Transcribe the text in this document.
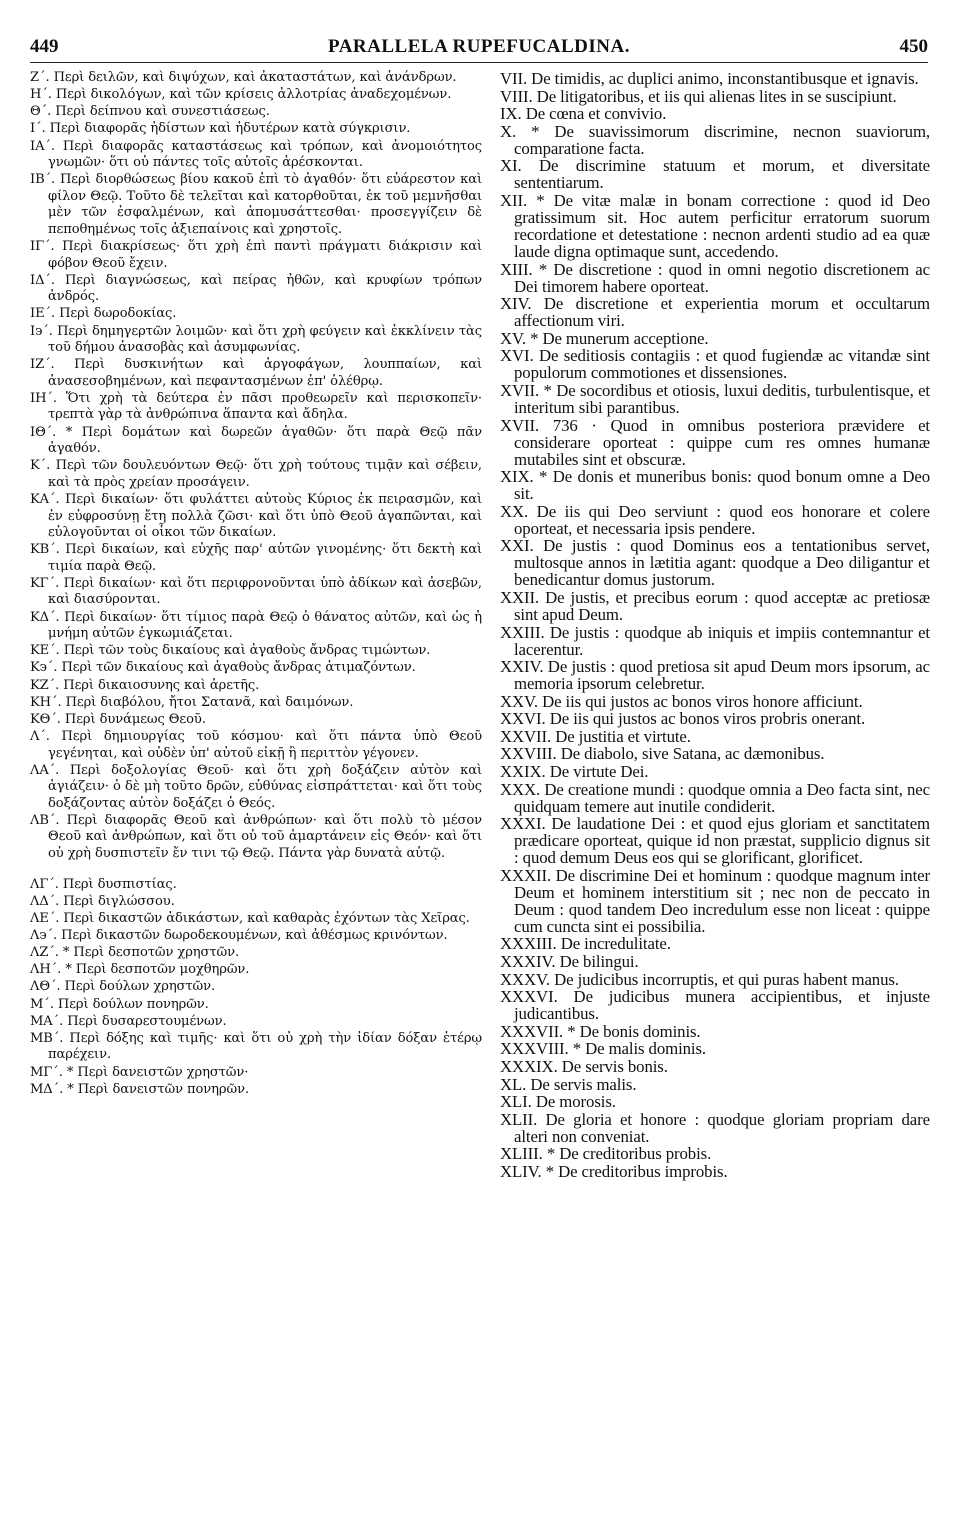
449	PARALLELA RUPEFUCALDINA.	450
Ζ΄. Περὶ δειλῶν, καὶ διψύχων, καὶ ἀκαταστάτων, καὶ ἀνάνδρων.
Η΄. Περὶ δικολόγων, καὶ τῶν κρίσεις ἀλλοτρίας ἀναδεχομένων.
Θ΄. Περὶ δείπνου καὶ συνεστιάσεως.
Ι΄. Περὶ διαφορᾶς ἡδίστων καὶ ἡδυτέρων κατὰ σύγκρισιν.
ΙΑ΄. Περὶ διαφορᾶς καταστάσεως καὶ τρόπων, καὶ ἀνομοιότητος γνωμῶν· ὅτι οὐ πάντες τοῖς αὐτοῖς ἀρέσκονται.
ΙΒ΄. Περὶ διορθώσεως βίου κακοῦ ἐπὶ τὸ ἀγαθόν· ὅτι εὐάρεστον καὶ φίλον Θεῷ. Τοῦτο δὲ τελεῖται καὶ κατορθοῦται, ἐκ τοῦ μεμνῆσθαι μὲν τῶν ἐσφαλμένων, καὶ ἀπομυσάττεσθαι· προσεγγίζειν δὲ πεποθημένως τοῖς ἀξιεπαίνοις καὶ χρηστοῖς.
ΙΓ΄. Περὶ διακρίσεως· ὅτι χρὴ ἐπὶ παντὶ πράγματι διάκρισιν καὶ φόβον Θεοῦ ἔχειν.
ΙΔ΄. Περὶ διαγνώσεως, καὶ πείρας ἠθῶν, καὶ κρυφίων τρόπων ἀνδρός.
ΙΕ΄. Περὶ δωροδοκίας.
Ι϶΄. Περὶ δημηγερτῶν λοιμῶν· καὶ ὅτι χρὴ φεύγειν καὶ ἐκκλίνειν τὰς τοῦ δήμου ἀνασοβὰς καὶ ἀσυμφωνίας.
ΙΖ΄. Περὶ δυσκινήτων καὶ ἀργοφάγων, λουππαίων, καὶ ἀνασεσοβημένων, καὶ πεφαντασμένων ἐπ' ὀλέθρῳ.
ΙΗ΄. Ὅτι χρὴ τὰ δεύτερα ἐν πᾶσι προθεωρεῖν καὶ περισκοπεῖν· τρεπτὰ γὰρ τὰ ἀνθρώπινα ἅπαντα καὶ ἄδηλα.
ΙΘ΄. * Περὶ δομάτων καὶ δωρεῶν ἀγαθῶν· ὅτι παρὰ Θεῷ πᾶν ἀγαθόν.
Κ΄. Περὶ τῶν δουλευόντων Θεῷ· ὅτι χρὴ τούτους τιμᾷν καὶ σέβειν, καὶ τὰ πρὸς χρείαν προσάγειν.
ΚΑ΄. Περὶ δικαίων· ὅτι φυλάττει αὐτοὺς Κύριος ἐκ πειρασμῶν, καὶ ἐν εὐφροσύνῃ ἔτη πολλὰ ζῶσι· καὶ ὅτι ὑπὸ Θεοῦ ἀγαπῶνται, καὶ εὐλογοῦνται οἱ οἶκοι τῶν δικαίων.
ΚΒ΄. Περὶ δικαίων, καὶ εὐχῆς παρ' αὐτῶν γινομένης· ὅτι δεκτὴ καὶ τιμία παρὰ Θεῷ.
ΚΓ΄. Περὶ δικαίων· καὶ ὅτι περιφρονοῦνται ὑπὸ ἀδίκων καὶ ἀσεβῶν, καὶ διασύρονται.
ΚΔ΄. Περὶ δικαίων· ὅτι τίμιος παρὰ Θεῷ ὁ θάνατος αὐτῶν, καὶ ὡς ἡ μνήμη αὐτῶν ἐγκωμιάζεται.
ΚΕ΄. Περὶ τῶν τοὺς δικαίους καὶ ἀγαθοὺς ἄνδρας τιμώντων.
Κ϶΄. Περὶ τῶν δικαίους καὶ ἀγαθοὺς ἄνδρας ἀτιμαζόντων.
ΚΖ΄. Περὶ δικαιοσυνης καὶ ἀρετῆς.
ΚΗ΄. Περὶ διαβόλου, ἤτοι Σατανᾶ, καὶ δαιμόνων.
ΚΘ΄. Περὶ δυνάμεως Θεοῦ.
Λ΄. Περὶ δημιουργίας τοῦ κόσμου· καὶ ὅτι πάντα ὑπὸ Θεοῦ γεγένηται, καὶ οὐδὲν ὑπ' αὐτοῦ εἰκῇ ἢ περιττὸν γέγονεν.
ΛΑ΄. Περὶ δοξολογίας Θεοῦ· καὶ ὅτι χρὴ δοξάζειν αὐτὸν καὶ ἁγιάζειν· ὁ δὲ μὴ τοῦτο δρῶν, εὐθύνας εἰσπράττεται· καὶ ὅτι τοὺς δοξάζοντας αὐτὸν δοξάζει ὁ Θεός.
ΛΒ΄. Περὶ διαφορᾶς Θεοῦ καὶ ἀνθρώπων· καὶ ὅτι πολὺ τὸ μέσον Θεοῦ καὶ ἀνθρώπων, καὶ ὅτι οὐ τοῦ ἁμαρτάνειν εἰς Θεόν· καὶ ὅτι οὐ χρὴ δυσπιστεῖν ἔν τινι τῷ Θεῷ. Πάντα γὰρ δυνατὰ αὐτῷ.
ΛΓ΄. Περὶ δυσπιστίας.
ΛΔ΄. Περὶ διγλώσσου.
ΛΕ΄. Περὶ δικαστῶν ἀδικάστων, καὶ καθαρὰς ἐχόντων τὰς Χεῖρας.
Λ϶΄. Περὶ δικαστῶν δωροδεκουμένων, καὶ ἀθέσμως κρινόντων.
ΛΖ΄. * Περὶ δεσποτῶν χρηστῶν.
ΛΗ΄. * Περὶ δεσποτῶν μοχθηρῶν.
ΛΘ΄. Περὶ δούλων χρηστῶν.
Μ΄. Περὶ δούλων πονηρῶν.
ΜΑ΄. Περὶ δυσαρεστουμένων.
ΜΒ΄. Περὶ δόξης καὶ τιμῆς· καὶ ὅτι οὐ χρὴ τὴν ἰδίαν δόξαν ἑτέρῳ παρέχειν.
ΜΓ΄. * Περὶ δανειστῶν χρηστῶν·
ΜΔ΄. * Περὶ δανειστῶν πονηρῶν.
VII. De timidis, ac duplici animo, inconstantibusque et ignavis.
VIII. De litigatoribus, et iis qui alienas lites in se suscipiunt.
IX. De cœna et convivio.
X. * De suavissimorum discrimine, necnon suaviorum, comparatione facta.
XI. De discrimine statuum et morum, et diversitate sententiarum.
XII. * De vitæ malæ in bonam correctione : quod id Deo gratissimum sit. Hoc autem perficitur erratorum suorum recordatione et detestatione : necnon ardenti studio ad ea quæ laude digna optimaque sunt, accedendo.
XIII. * De discretione : quod in omni negotio discretionem ac Dei timorem habere oporteat.
XIV. De discretione et experientia morum et occultarum affectionum viri.
XV. * De munerum acceptione.
XVI. De seditiosis contagiis : et quod fugiendæ ac vitandæ sint populorum commotiones et dissensiones.
XVII. * De socordibus et otiosis, luxui deditis, turbulentisque, et interitum sibi parantibus.
XVII. 736 · Quod in omnibus posteriora prævidere et considerare oporteat : quippe cum res omnes humanæ mutabiles sint et obscuræ.
XIX. * De donis et muneribus bonis: quod bonum omne a Deo sit.
XX. De iis qui Deo serviunt : quod eos honorare et colere oporteat, et necessaria ipsis pendere.
XXI. De justis : quod Dominus eos a tentationibus servet, multosque annos in lætitia agant: quodque a Deo diligantur et benedicantur domus justorum.
XXII. De justis, et precibus eorum : quod acceptæ ac pretiosæ sint apud Deum.
XXIII. De justis : quodque ab iniquis et impiis contemnantur et lacerentur.
XXIV. De justis : quod pretiosa sit apud Deum mors ipsorum, ac memoria ipsorum celebretur.
XXV. De iis qui justos ac bonos viros honore afficiunt.
XXVI. De iis qui justos ac bonos viros probris onerant.
XXVII. De justitia et virtute.
XXVIII. De diabolo, sive Satana, ac dæmonibus.
XXIX. De virtute Dei.
XXX. De creatione mundi : quodque omnia a Deo facta sint, nec quidquam temere aut inutile condiderit.
XXXI. De laudatione Dei : et quod ejus gloriam et sanctitatem prædicare oporteat, quique id non præstat, supplicio dignus sit : quod demum Deus eos qui se glorificant, glorificet.
XXXII. De discrimine Dei et hominum : quodque magnum inter Deum et hominem interstitium sit ; nec non de peccato in Deum : quod tandem Deo incredulum esse non liceat : quippe cum cuncta sint ei possibilia.
XXXIII. De incredulitate.
XXXIV. De bilingui.
XXXV. De judicibus incorruptis, et qui puras habent manus.
XXXVI. De judicibus munera accipientibus, et injuste judicantibus.
XXXVII. * De bonis dominis.
XXXVIII. * De malis dominis.
XXXIX. De servis bonis.
XL. De servis malis.
XLI. De morosis.
XLII. De gloria et honore : quodque gloriam propriam dare alteri non conveniat.
XLIII. * De creditoribus probis.
XLIV. * De creditoribus improbis.
